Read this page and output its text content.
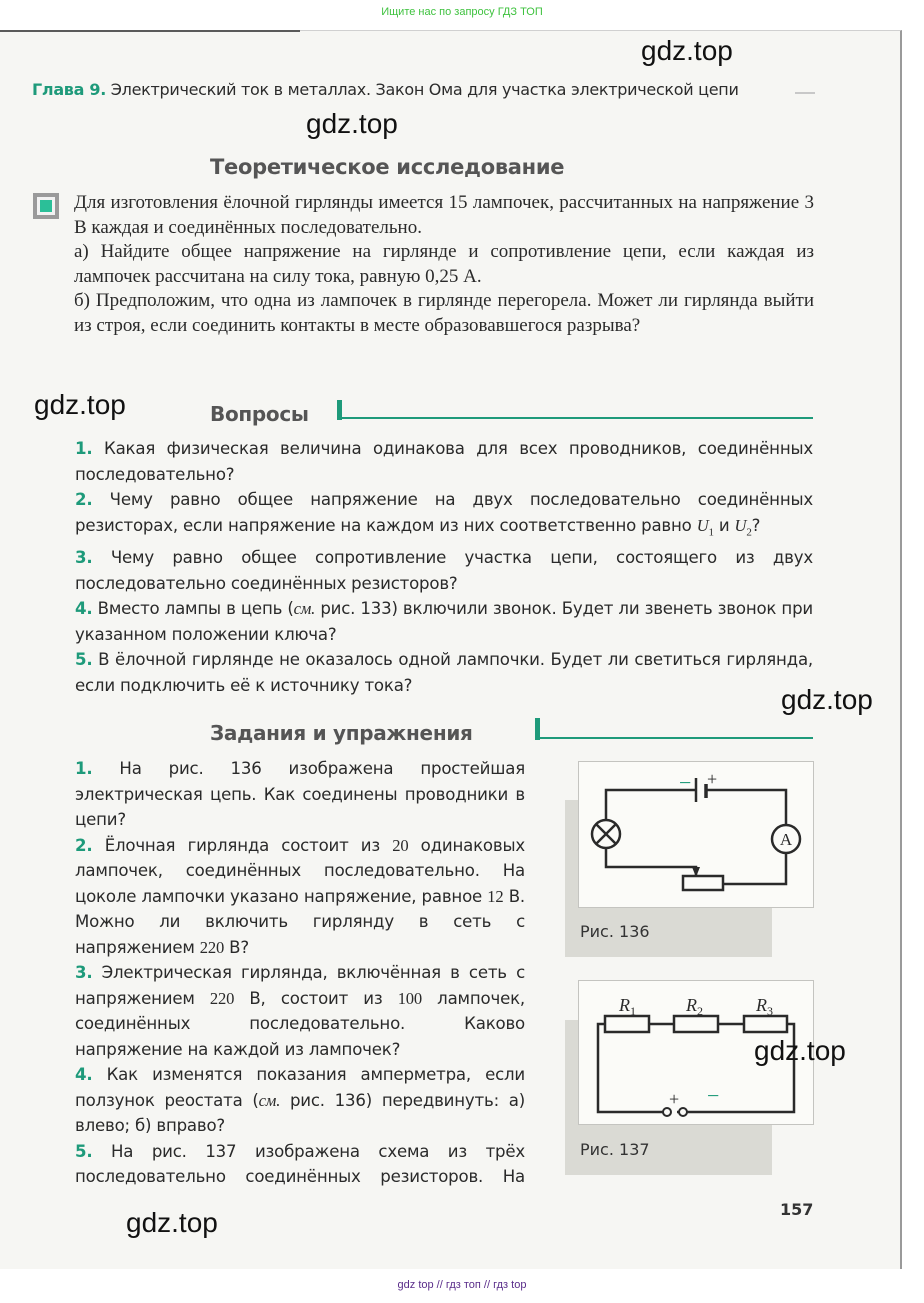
Ищите нас по запросу ГДЗ ТОП
Глава 9. Электрический ток в металлах. Закон Ома для участка электрической цепи
gdz.top
gdz.top
gdz.top
gdz.top
gdz.top
Теоретическое исследование

Для изготовления ёлочной гирлянды имеется 15 лампочек, рассчитанных на напряжение 3 В каждая и соединённых последовательно.

а) Найдите общее напряжение на гирлянде и сопротивление цепи, если каждая из лампочек рассчитана на силу тока, равную 0,25 А.

б) Предположим, что одна из лампочек в гирлянде перегорела. Может ли гирлянда выйти из строя, если соединить контакты в месте образовавшегося разрыва?

Вопросы

1. Какая физическая величина одинакова для всех проводников, соединённых последовательно?

2. Чему равно общее напряжение на двух последовательно соединённых резисторах, если напряжение на каждом из них соответственно равно $U_1$ и $U_2$?

3. Чему равно общее сопротивление участка цепи, состоящего из двух последовательно соединённых резисторов?

4. Вместо лампы в цепь (см. рис. 133) включили звонок. Будет ли звенеть звонок при указанном положении ключа?

5. В ёлочной гирлянде не оказалось одной лампочки. Будет ли светиться гирлянда, если подключить её к источнику тока?

Задания и упражнения

1. На рис. 136 изображена простейшая электрическая цепь. Как соединены проводники в цепи?

2. Ёлочная гирлянда состоит из 20 одинаковых лампочек, соединённых последовательно. На цоколе лампочки указано напряжение, равное 12 В. Можно ли включить гирлянду в сеть с напряжением 220 В?

3. Электрическая гирлянда, включённая в сеть с напряжением 220 В, состоит из 100 лампочек, соединённых последовательно. Каково напряжение на каждой из лампочек?

4. Как изменятся показания амперметра, если ползунок реостата (см. рис. 136) передвинуть: а) влево; б) вправо?

5. На рис. 137 изображена схема из трёх последовательно соединённых резисторов. На

A
− +
Рис. 136
$R_1$	$R_2$	$R_3$
+ −
Рис. 137
gdz.top
157
gdz top // гдз топ // гдз top
